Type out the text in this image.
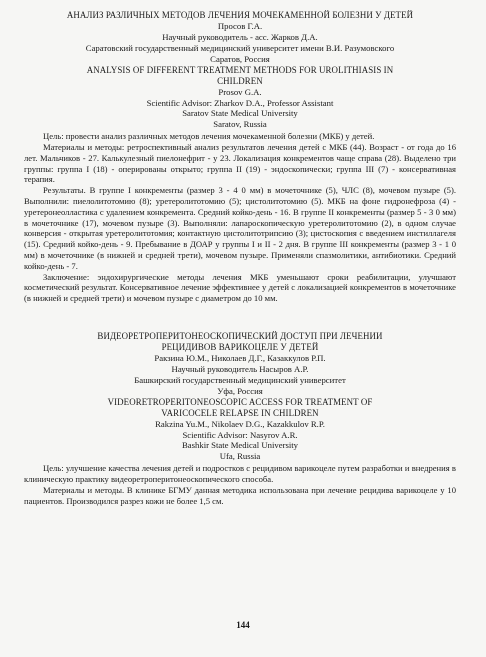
АНАЛИЗ РАЗЛИЧНЫХ МЕТОДОВ ЛЕЧЕНИЯ МОЧЕКАМЕННОЙ БОЛЕЗНИ У ДЕТЕЙ

Просов Г.А.

Научный руководитель - асс. Жарков Д.А.

Саратовский государственный медицинский университет имени В.И. Разумовского

Саратов, Россия

ANALYSIS OF DIFFERENT TREATMENT METHODS FOR UROLITHIASIS IN CHILDREN

Prosov G.A.

Scientific Advisor: Zharkov D.A., Professor Assistant

Saratov State Medical University

Saratov, Russia

Цель: провести анализ различных методов лечения мочекаменной болезни (МКБ) у детей.

Материалы и методы: ретроспективный анализ результатов лечения детей с МКБ (44). Возраст - от года до 16 лет. Мальчиков - 27. Калькулезный пиелонефрит - у 23. Локализация конкрементов чаще справа (28). Выделено три группы: группа I (18) - оперированы открыто; группа II (19) - эндоскопически; группа III (7) - консервативная терапия.

Результаты. В группе I конкременты (размер 3 - 4 0 мм) в мочеточнике (5), ЧЛС (8), мочевом пузыре (5). Выполнили: пиелолитотомию (8); уретеролитотомию (5); цистолитотомию (5). МКБ на фоне гидронефроза (4) - уретеронеолластика с удалением конкремента. Средний койко-день - 16. В группе II конкременты (размер 5 - 3 0 мм) в мочеточнике (17), мочевом пузыре (3). Выполняли: лапароскопическую уретеролитотомию (2), в одном случае конверсия - открытая уретеролитотомия; контактную цистолитотрипсию (3); цистоскопия с введением инстиллагеля (15). Средний койко-день - 9. Пребывание в ДОАР у группы I и II - 2 дня. В группе III конкременты (размер 3 - 1 0 мм) в мочеточнике (в нижней и средней трети), мочевом пузыре. Применяли спазмолитики, антибиотики. Средний койко-день - 7.

Заключение: эндохирургические методы лечения МКБ уменьшают сроки реабилитации, улучшают косметический результат. Консервативное лечение эффективнее у детей с локализацией конкрементов в мочеточнике (в нижней и средней трети) и мочевом пузыре с диаметром до 10 мм.

ВИДЕОРЕТРОПЕРИТОНЕОСКОПИЧЕСКИЙ ДОСТУП ПРИ ЛЕЧЕНИИ РЕЦИДИВОВ ВАРИКОЦЕЛЕ У ДЕТЕЙ

Ракзина Ю.М., Николаев Д.Г., Казаккулов Р.П.

Научный руководитель Насыров А.Р.

Башкирский государственный медицинский университет

Уфа, Россия

VIDEORETROPERITONEOSCOPIC ACCESS FOR TREATMENT OF VARICOCELE RELAPSE IN CHILDREN

Rakzina Yu.M., Nikolaev D.G., Kazakkulov R.P.

Scientific Advisor: Nasyrov A.R.

Bashkir State Medical University

Ufa, Russia

Цель: улучшение качества лечения детей и подростков с рецидивом варикоцеле путем разработки и внедрения в клиническую практику видеоретроперитонеоскопического способа.

Материалы и методы. В клинике БГМУ данная методика использована при лечение рецидива варикоцеле у 10 пациентов. Производился разрез кожи не более 1,5 см.

144
